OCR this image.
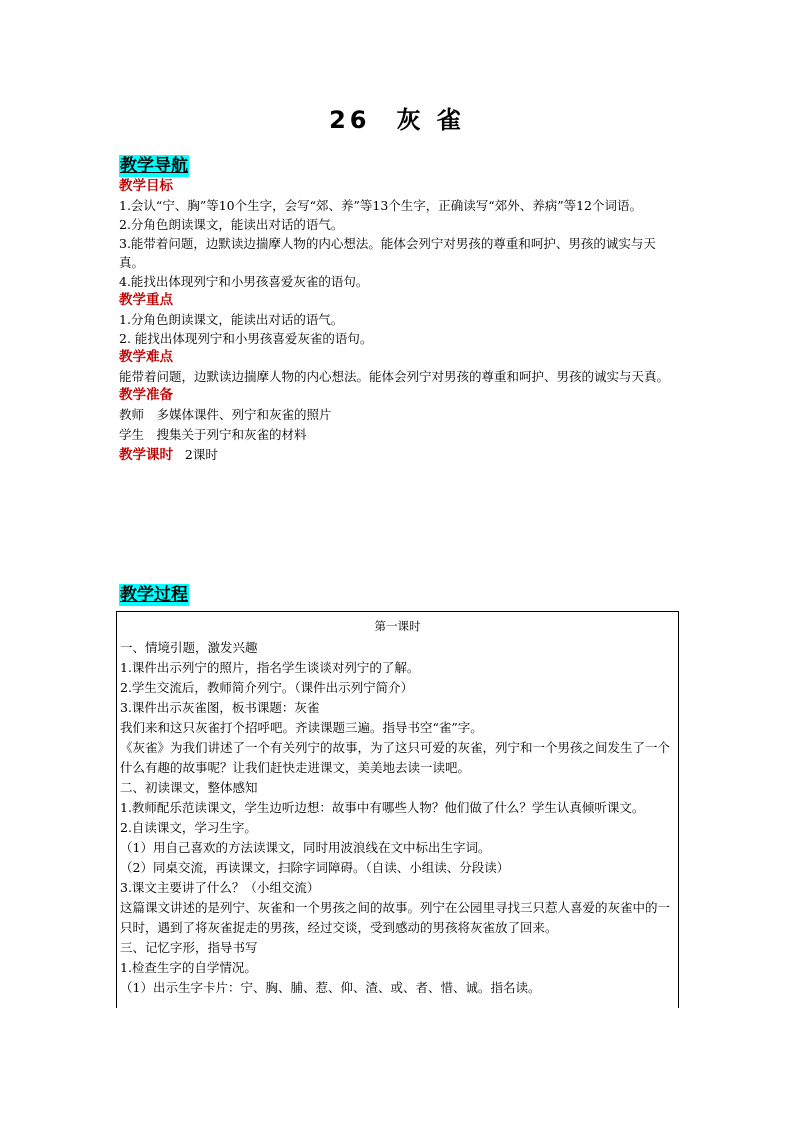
26 灰 雀
教学导航
教学目标
1.会认“宁、胸”等10个生字，会写“郊、养”等13个生字，正确读写“郊外、养病”等12个词语。
2.分角色朗读课文，能读出对话的语气。
3.能带着问题，边默读边揣摩人物的内心想法。能体会列宁对男孩的尊重和呵护、男孩的诚实与天真。
4.能找出体现列宁和小男孩喜爱灰雀的语句。
教学重点
1.分角色朗读课文，能读出对话的语气。
2. 能找出体现列宁和小男孩喜爱灰雀的语句。
教学难点
能带着问题，边默读边揣摩人物的内心想法。能体会列宁对男孩的尊重和呵护、男孩的诚实与天真。
教学准备
教师　多媒体课件、列宁和灰雀的照片
学生　搜集关于列宁和灰雀的材料
教学课时 2课时
教学过程
第一课时
一、情境引题，激发兴趣
1.课件出示列宁的照片，指名学生谈谈对列宁的了解。
2.学生交流后，教师简介列宁。（课件出示列宁简介）
3.课件出示灰雀图，板书课题：灰雀
我们来和这只灰雀打个招呼吧。齐读课题三遍。指导书空“雀”字。
《灰雀》为我们讲述了一个有关列宁的故事，为了这只可爱的灰雀，列宁和一个男孩之间发生了一个什么有趣的故事呢？让我们赶快走进课文，美美地去读一读吧。
二、初读课文，整体感知
1.教师配乐范读课文，学生边听边想：故事中有哪些人物？他们做了什么？学生认真倾听课文。
2.自读课文，学习生字。
（1）用自己喜欢的方法读课文，同时用波浪线在文中标出生字词。
（2）同桌交流，再读课文，扫除字词障碍。（自读、小组读、分段读）
3.课文主要讲了什么？（小组交流）
这篇课文讲述的是列宁、灰雀和一个男孩之间的故事。列宁在公园里寻找三只惹人喜爱的灰雀中的一只时，遇到了将灰雀捉走的男孩，经过交谈，受到感动的男孩将灰雀放了回来。
三、记忆字形，指导书写
1.检查生字的自学情况。
（1）出示生字卡片：宁、胸、脯、惹、仰、渣、或、者、惜、诚。指名读。
